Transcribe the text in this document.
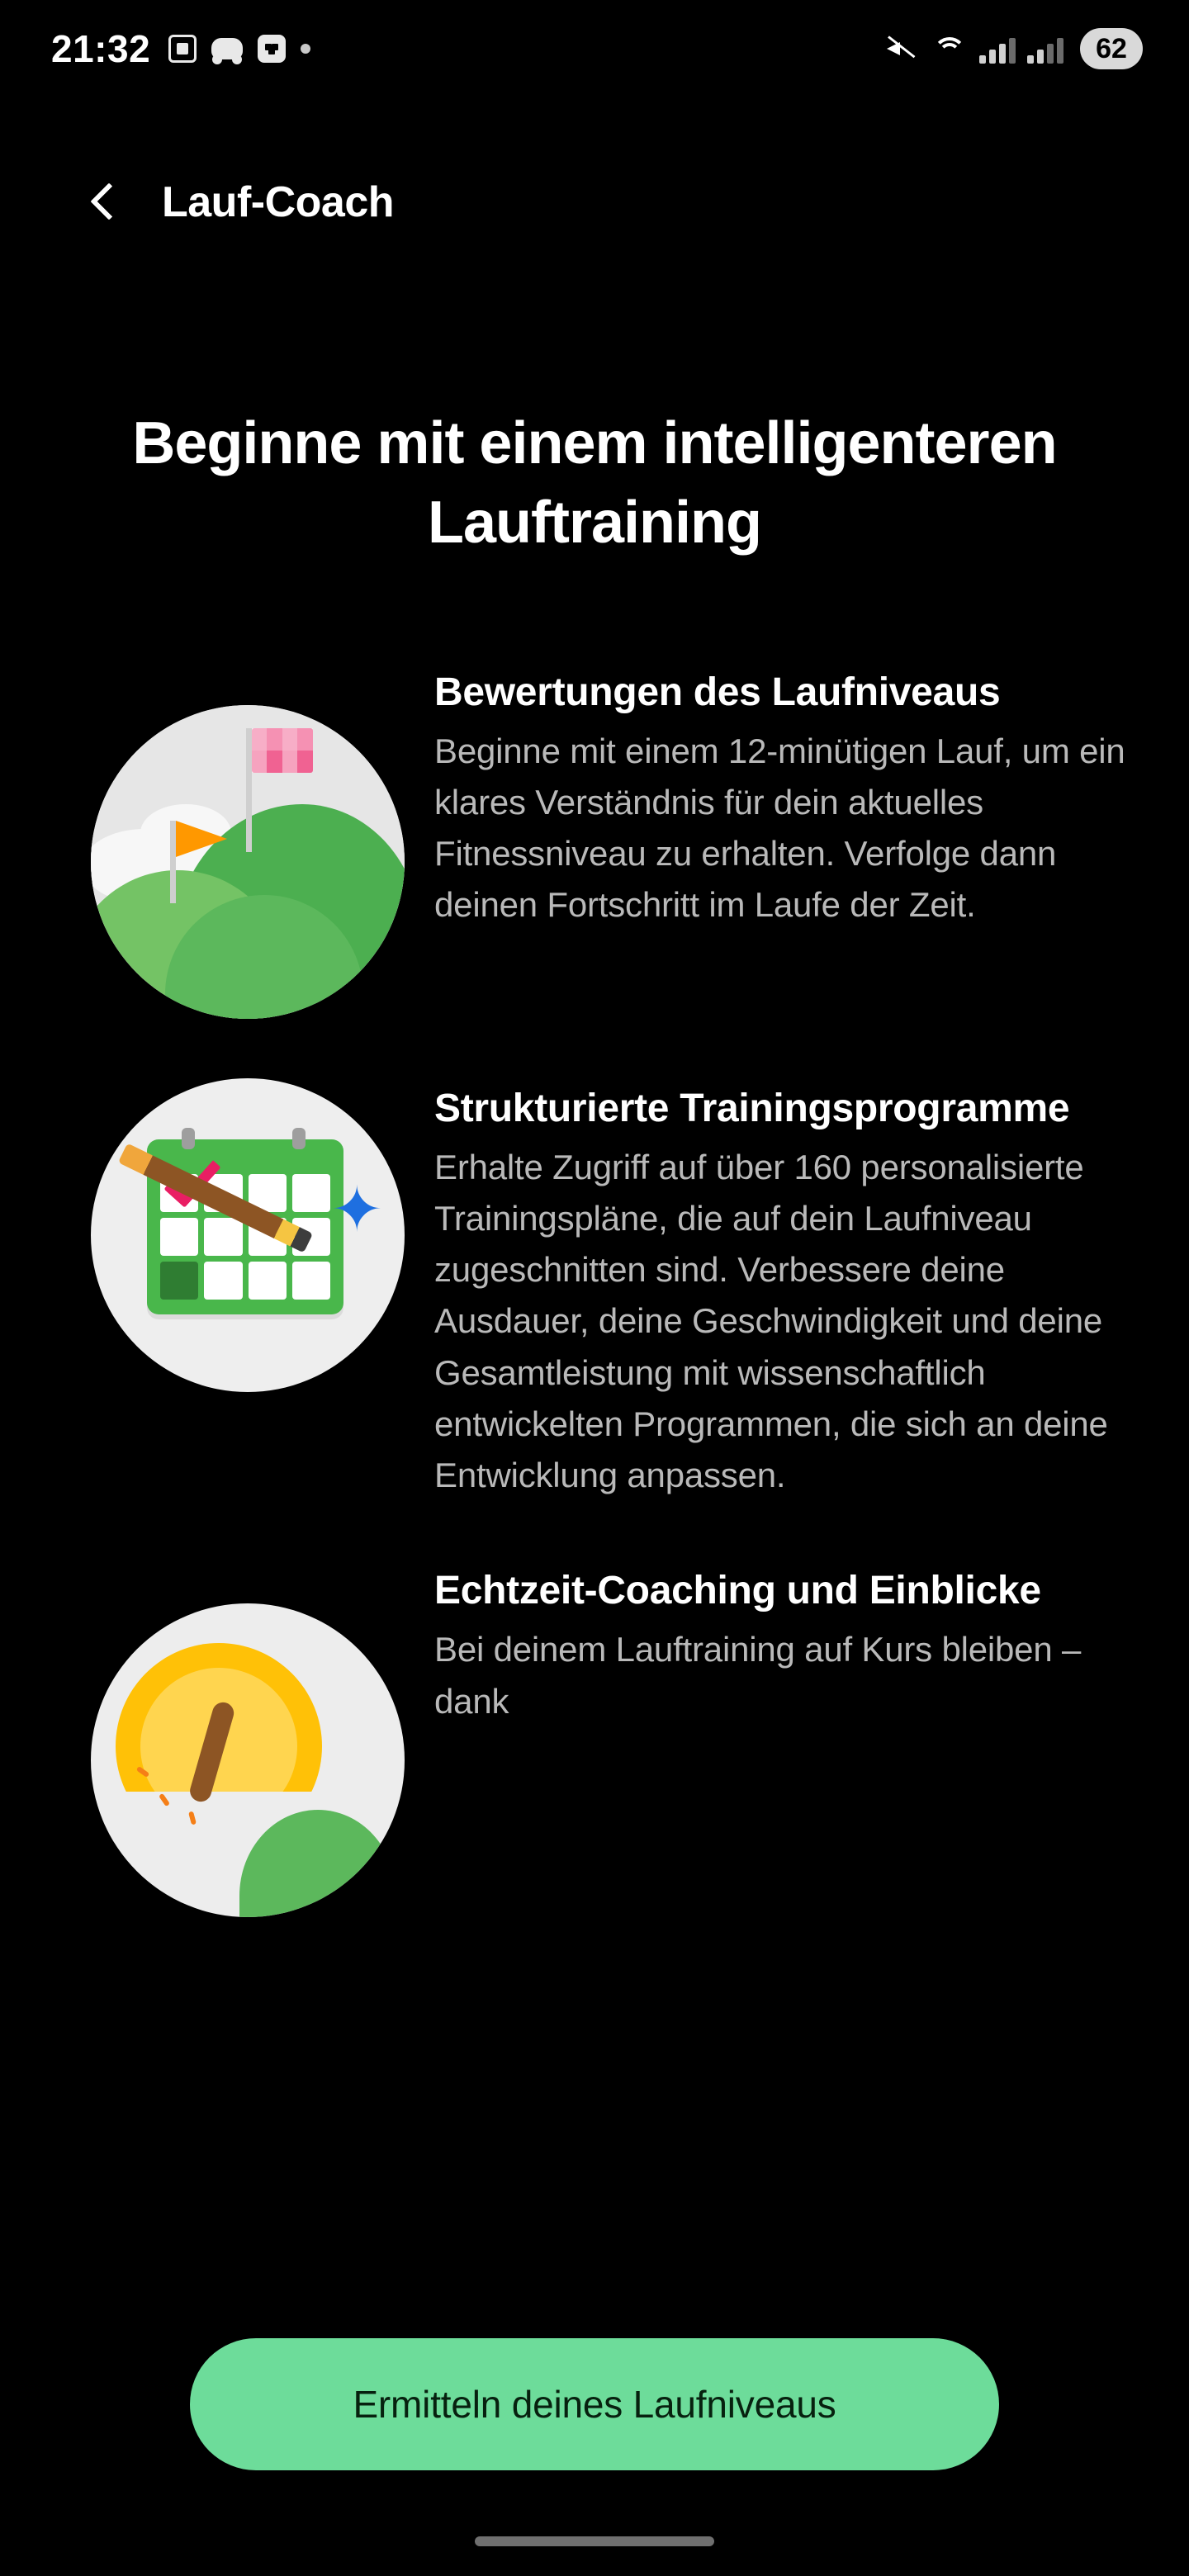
21:32	62
Lauf-Coach
Beginne mit einem intelligenteren Lauftraining
Bewertungen des Laufniveaus

Beginne mit einem 12-minütigen Lauf, um ein klares Verständnis für dein aktuelles Fitnessniveau zu erhalten. Verfolge dann deinen Fortschritt im Laufe der Zeit.

✦
Strukturierte Trainingsprogramme

Erhalte Zugriff auf über 160 personalisierte Trainingspläne, die auf dein Laufniveau zugeschnitten sind. Verbessere deine Ausdauer, deine Geschwindigkeit und deine Gesamtleistung mit wissenschaftlich entwickelten Programmen, die sich an deine Entwicklung anpassen.

Echtzeit-Coaching und Einblicke

Bei deinem Lauftraining auf Kurs bleiben – dank

Ermitteln deines Laufniveaus
